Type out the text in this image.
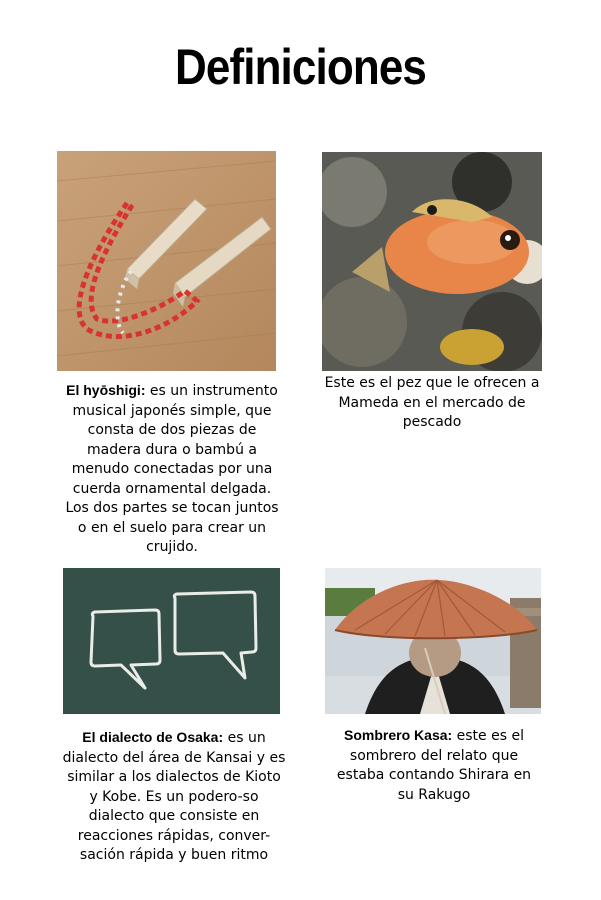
Definiciones
El hyōshigi: es un instrumento musical japonés simple, que consta de dos piezas de madera dura o bambú a menudo conectadas por una cuerda ornamental delgada. Los dos partes se tocan juntos o en el suelo para crear un crujido.
Este es el pez que le ofrecen a Mameda en el mercado de pescado
El dialecto de Osaka: es un dialecto del área de Kansai y es similar a los dialectos de Kioto y Kobe. Es un podero-so dialecto que consiste en reacciones rápidas, conver-sación rápida y buen ritmo
Sombrero Kasa: este es el sombrero del relato que estaba contando Shirara en su Rakugo
